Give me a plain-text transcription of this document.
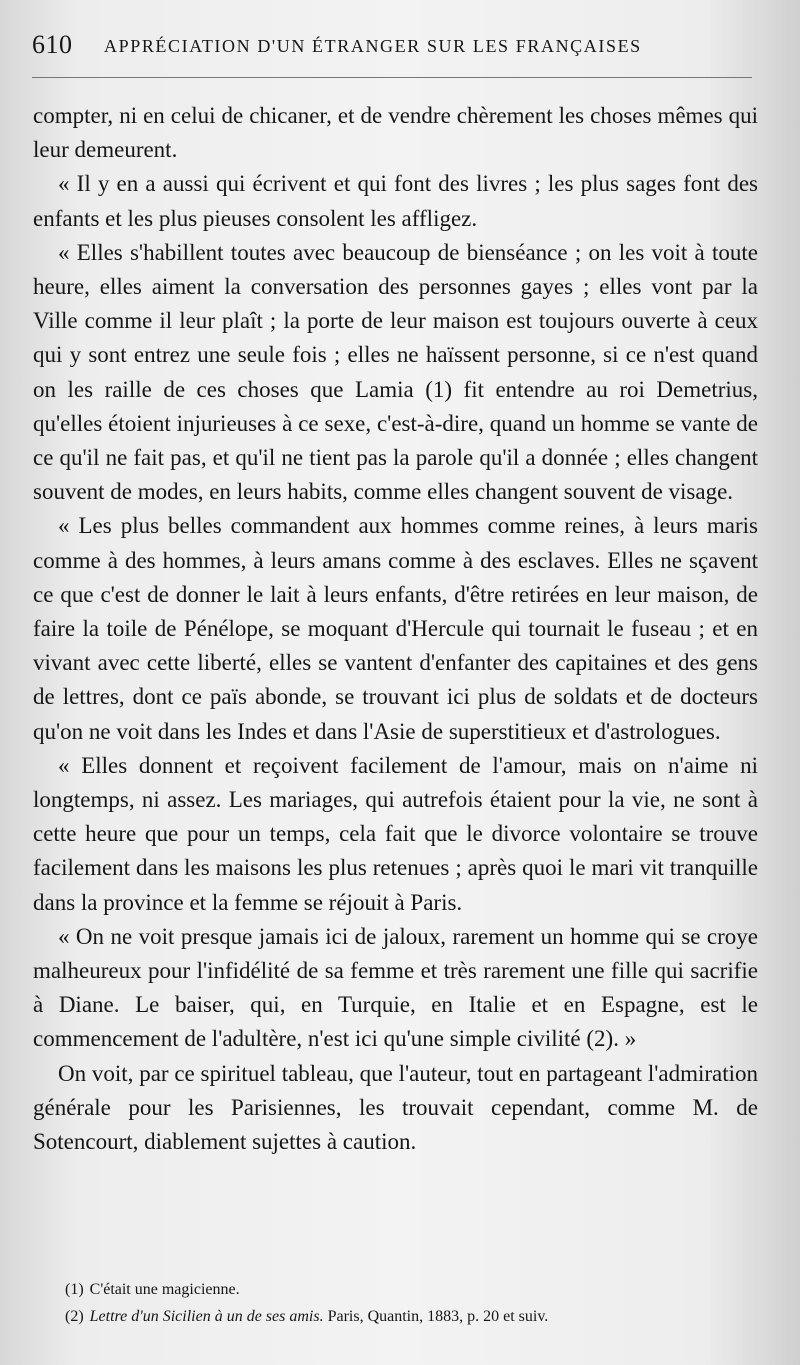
610 APPRÉCIATION D'UN ÉTRANGER SUR LES FRANÇAISES

compter, ni en celui de chicaner, et de vendre chèrement les choses mêmes qui leur demeurent.

« Il y en a aussi qui écrivent et qui font des livres ; les plus sages font des enfants et les plus pieuses consolent les affligez.

« Elles s'habillent toutes avec beaucoup de bienséance ; on les voit à toute heure, elles aiment la conversation des personnes gayes ; elles vont par la Ville comme il leur plaît ; la porte de leur maison est toujours ouverte à ceux qui y sont entrez une seule fois ; elles ne haïssent personne, si ce n'est quand on les raille de ces choses que Lamia (1) fit entendre au roi Demetrius, qu'elles étoient injurieuses à ce sexe, c'est-à-dire, quand un homme se vante de ce qu'il ne fait pas, et qu'il ne tient pas la parole qu'il a donnée ; elles changent souvent de modes, en leurs habits, comme elles changent souvent de visage.

« Les plus belles commandent aux hommes comme reines, à leurs maris comme à des hommes, à leurs amans comme à des esclaves. Elles ne sçavent ce que c'est de donner le lait à leurs enfants, d'être retirées en leur maison, de faire la toile de Pénélope, se moquant d'Hercule qui tournait le fuseau ; et en vivant avec cette liberté, elles se vantent d'enfanter des capitaines et des gens de lettres, dont ce païs abonde, se trouvant ici plus de soldats et de docteurs qu'on ne voit dans les Indes et dans l'Asie de superstitieux et d'astrologues.

« Elles donnent et reçoivent facilement de l'amour, mais on n'aime ni longtemps, ni assez. Les mariages, qui autrefois étaient pour la vie, ne sont à cette heure que pour un temps, cela fait que le divorce volontaire se trouve facilement dans les maisons les plus retenues ; après quoi le mari vit tranquille dans la province et la femme se réjouit à Paris.

« On ne voit presque jamais ici de jaloux, rarement un homme qui se croye malheureux pour l'infidélité de sa femme et très rarement une fille qui sacrifie à Diane. Le baiser, qui, en Turquie, en Italie et en Espagne, est le commencement de l'adultère, n'est ici qu'une simple civilité (2). »

On voit, par ce spirituel tableau, que l'auteur, tout en partageant l'admiration générale pour les Parisiennes, les trouvait cependant, comme M. de Sotencourt, diablement sujettes à caution.

(1) C'était une magicienne.

(2) Lettre d'un Sicilien à un de ses amis. Paris, Quantin, 1883, p. 20 et suiv.
